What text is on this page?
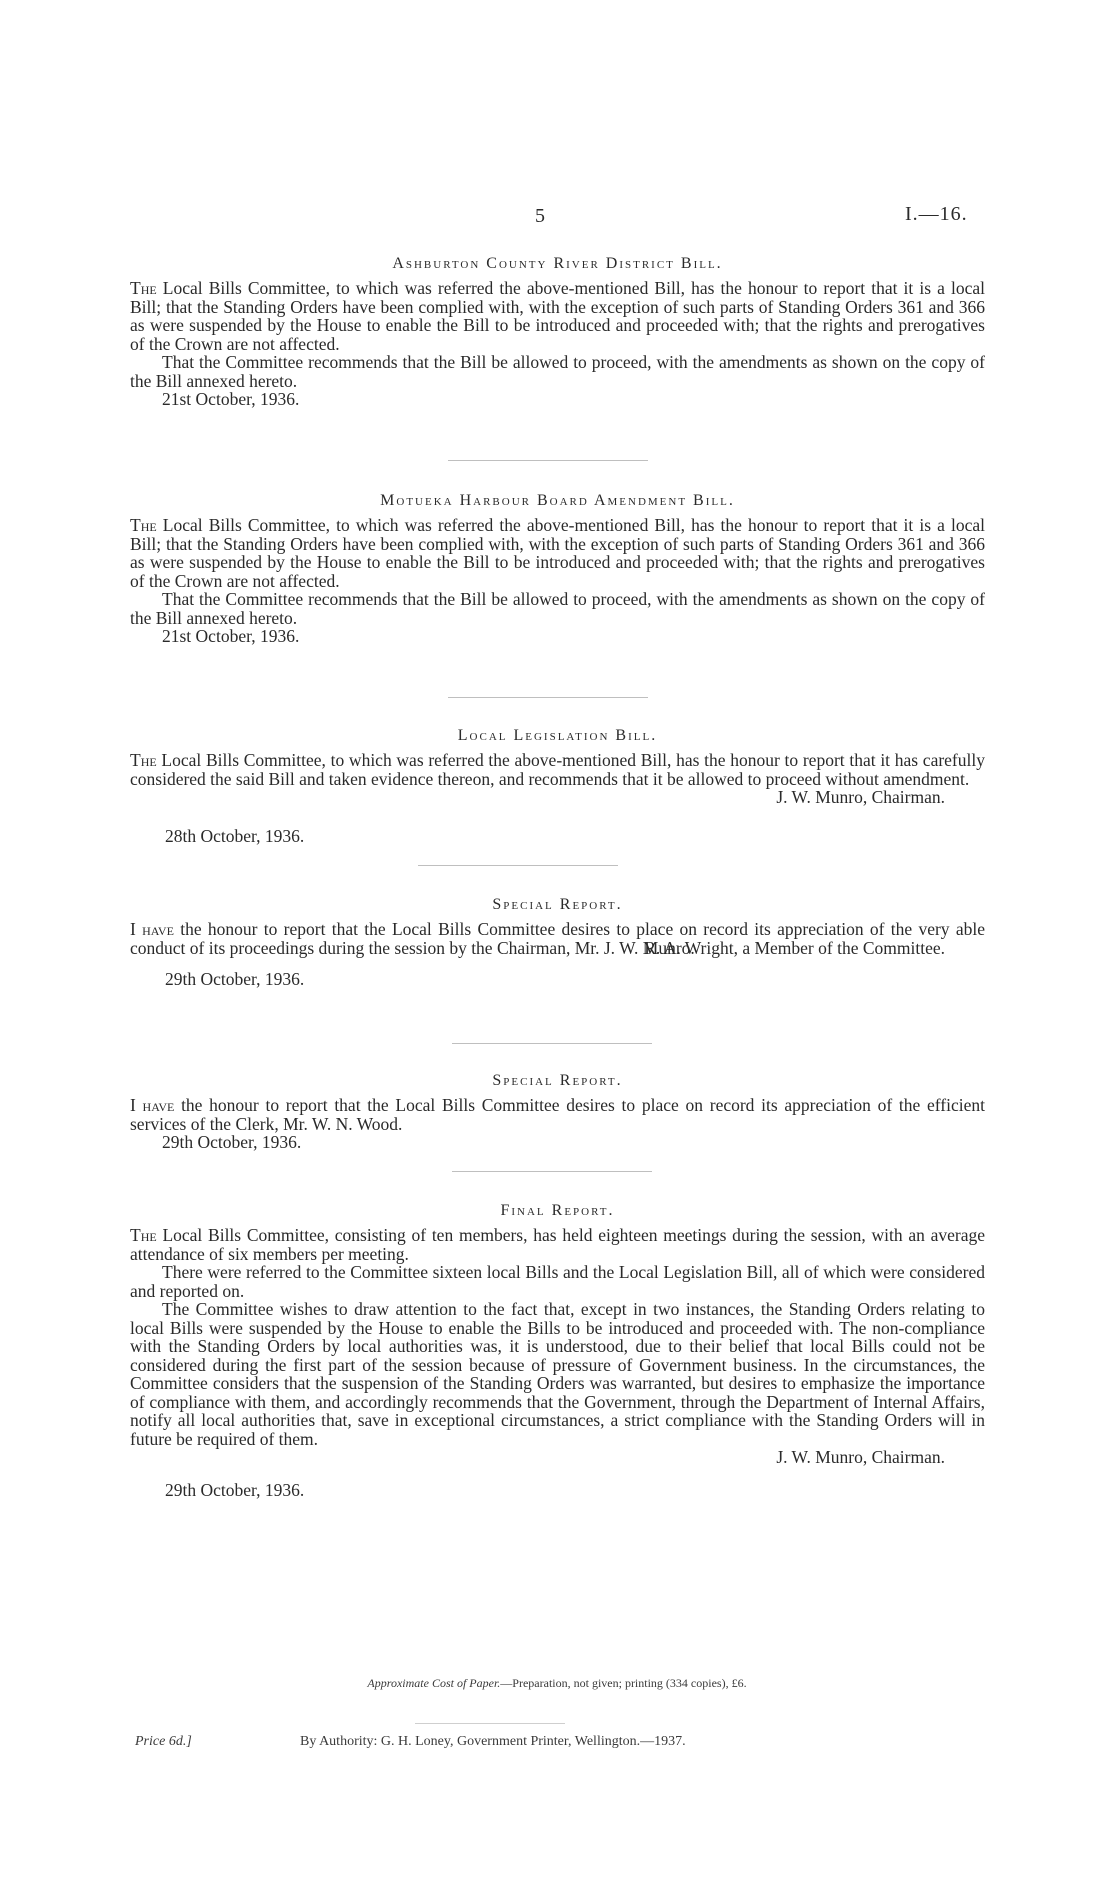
5	I.—16.
Ashburton County River District Bill.

The Local Bills Committee, to which was referred the above-mentioned Bill, has the honour to report that it is a local Bill; that the Standing Orders have been complied with, with the exception of such parts of Standing Orders 361 and 366 as were suspended by the House to enable the Bill to be introduced and proceeded with; that the rights and prerogatives of the Crown are not affected.

That the Committee recommends that the Bill be allowed to proceed, with the amendments as shown on the copy of the Bill annexed hereto.

21st October, 1936.

Motueka Harbour Board Amendment Bill.

The Local Bills Committee, to which was referred the above-mentioned Bill, has the honour to report that it is a local Bill; that the Standing Orders have been complied with, with the exception of such parts of Standing Orders 361 and 366 as were suspended by the House to enable the Bill to be introduced and proceeded with; that the rights and prerogatives of the Crown are not affected.

That the Committee recommends that the Bill be allowed to proceed, with the amendments as shown on the copy of the Bill annexed hereto.

21st October, 1936.

Local Legislation Bill.

The Local Bills Committee, to which was referred the above-mentioned Bill, has the honour to report that it has carefully considered the said Bill and taken evidence thereon, and recommends that it be allowed to proceed without amendment.

J. W. Munro, Chairman.

28th October, 1936.

Special Report.

I have the honour to report that the Local Bills Committee desires to place on record its appreciation of the very able conduct of its proceedings during the session by the Chairman, Mr. J. W. Munro.

R. A. Wright, a Member of the Committee.

29th October, 1936.

Special Report.

I have the honour to report that the Local Bills Committee desires to place on record its appreciation of the efficient services of the Clerk, Mr. W. N. Wood.

29th October, 1936.

Final Report.

The Local Bills Committee, consisting of ten members, has held eighteen meetings during the session, with an average attendance of six members per meeting.

There were referred to the Committee sixteen local Bills and the Local Legislation Bill, all of which were considered and reported on.

The Committee wishes to draw attention to the fact that, except in two instances, the Standing Orders relating to local Bills were suspended by the House to enable the Bills to be introduced and proceeded with. The non-compliance with the Standing Orders by local authorities was, it is understood, due to their belief that local Bills could not be considered during the first part of the session because of pressure of Government business. In the circumstances, the Committee considers that the suspension of the Standing Orders was warranted, but desires to emphasize the importance of compliance with them, and accordingly recommends that the Government, through the Department of Internal Affairs, notify all local authorities that, save in exceptional circumstances, a strict compliance with the Standing Orders will in future be required of them.

J. W. Munro, Chairman.

29th October, 1936.

Approximate Cost of Paper.—Preparation, not given; printing (334 copies), £6.
Price 6d.]	By Authority: G. H. Loney, Government Printer, Wellington.—1937.
